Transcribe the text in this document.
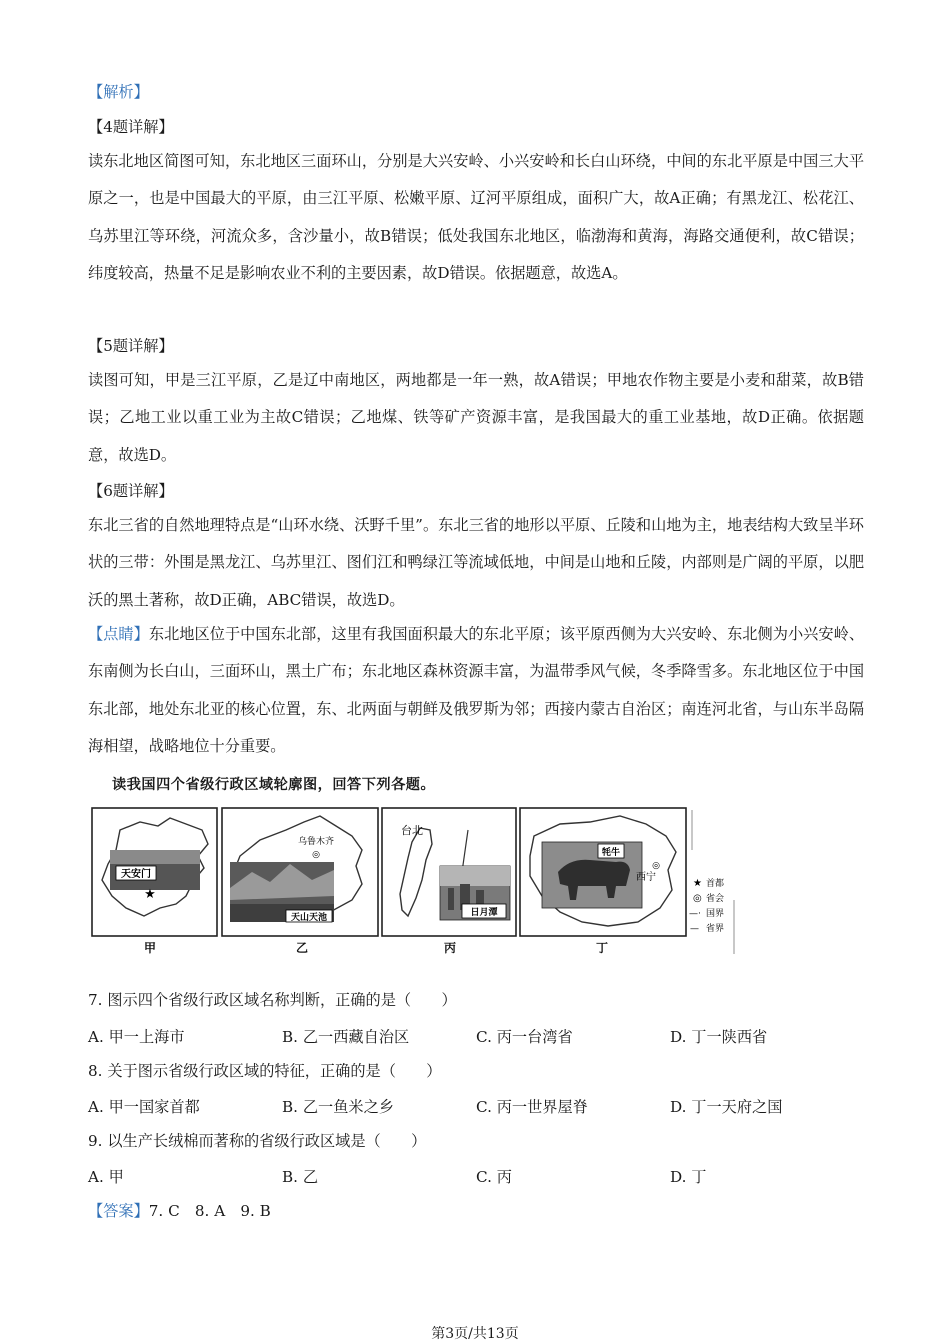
【解析】
【4题详解】

读东北地区简图可知，东北地区三面环山，分别是大兴安岭、小兴安岭和长白山环绕，中间的东北平原是中国三大平原之一，也是中国最大的平原，由三江平原、松嫩平原、辽河平原组成，面积广大，故A正确；有黑龙江、松花江、乌苏里江等环绕，河流众多，含沙量小，故B错误；低处我国东北地区，临渤海和黄海，海路交通便利，故C错误；纬度较高，热量不足是影响农业不利的主要因素，故D错误。依据题意，故选A。

【5题详解】

读图可知，甲是三江平原，乙是辽中南地区，两地都是一年一熟，故A错误；甲地农作物主要是小麦和甜菜，故B错误；乙地工业以重工业为主故C错误；乙地煤、铁等矿产资源丰富，是我国最大的重工业基地，故D正确。依据题意，故选D。

【6题详解】

东北三省的自然地理特点是“山环水绕、沃野千里”。东北三省的地形以平原、丘陵和山地为主，地表结构大致呈半环状的三带：外围是黑龙江、乌苏里江、图们江和鸭绿江等流域低地，中间是山地和丘陵，内部则是广阔的平原，以肥沃的黑土著称，故D正确，ABC错误，故选D。

【点睛】东北地区位于中国东北部，这里有我国面积最大的东北平原；该平原西侧为大兴安岭、东北侧为小兴安岭、东南侧为长白山，三面环山，黑土广布；东北地区森林资源丰富，为温带季风气候，冬季降雪多。东北地区位于中国东北部，地处东北亚的核心位置，东、北两面与朝鲜及俄罗斯为邻；西接内蒙古自治区；南连河北省，与山东半岛隔海相望，战略地位十分重要。

读我国四个省级行政区域轮廓图，回答下列各题。
天安门
★
甲
天山天池
乌鲁木齐
◎
乙
台北
日月潭
丙
牦牛
◎
西宁
丁
★ 首都
◎ 省会
—· 国界
— 省界
7. 图示四个省级行政区域名称判断，正确的是（　　）
A. 甲一上海市	B. 乙一西藏自治区	C. 丙一台湾省	D. 丁一陕西省
8. 关于图示省级行政区域的特征，正确的是（　　）
A. 甲一国家首都	B. 乙一鱼米之乡	C. 丙一世界屋脊	D. 丁一天府之国
9. 以生产长绒棉而著称的省级行政区域是（　　）
A. 甲	B. 乙	C. 丙	D. 丁
【答案】7. C　8. A　9. B
第3页/共13页
